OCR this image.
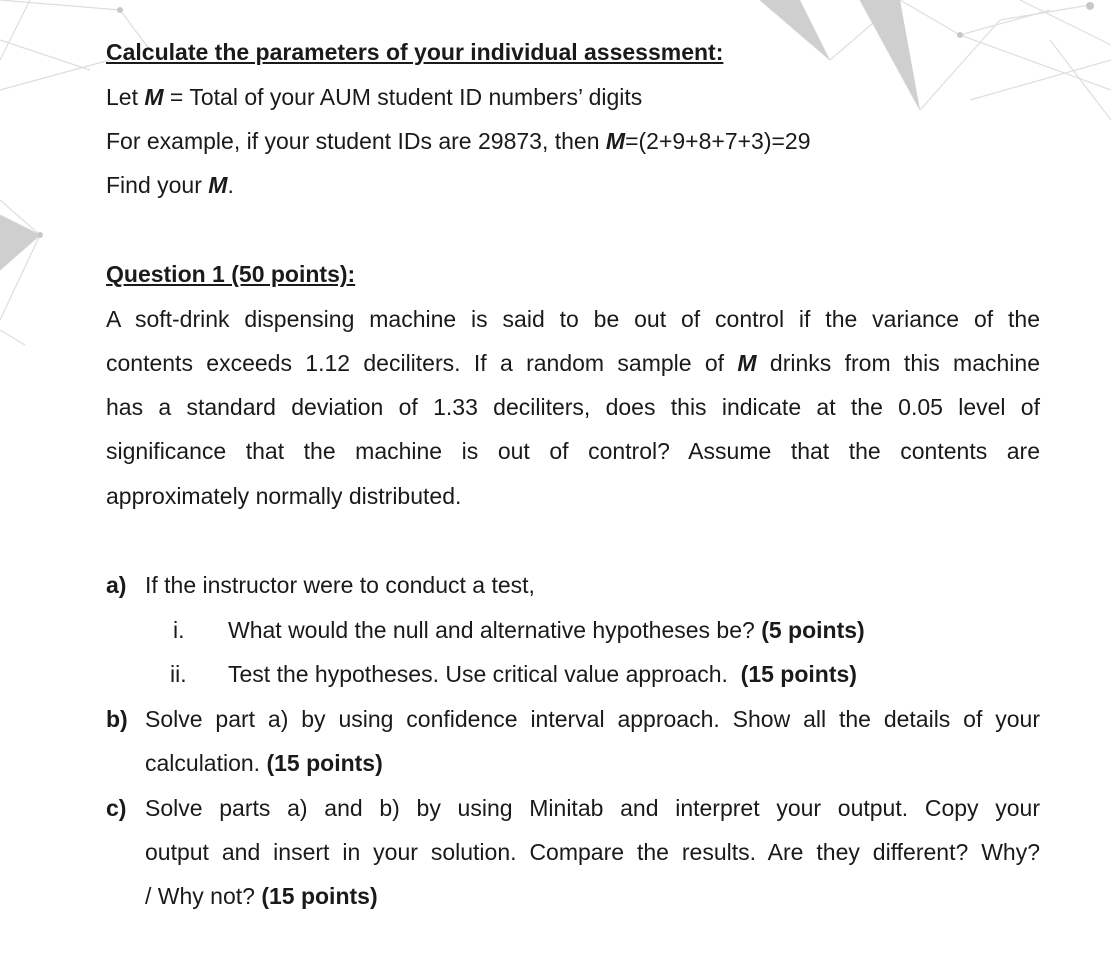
Calculate the parameters of your individual assessment:
Let M = Total of your AUM student ID numbers’ digits
For example, if your student IDs are 29873, then M=(2+9+8+7+3)=29
Find your M.
Question 1 (50 points):
A soft-drink dispensing machine is said to be out of control if the variance of the
contents exceeds 1.12 deciliters. If a random sample of M drinks from this machine
has a standard deviation of 1.33 deciliters, does this indicate at the 0.05 level of
significance that the machine is out of control? Assume that the contents are
approximately normally distributed.
a) If the instructor were to conduct a test,
i. What would the null and alternative hypotheses be? (5 points)
ii. Test the hypotheses. Use critical value approach.  (15 points)
b) Solve part a) by using confidence interval approach. Show all the details of your
calculation. (15 points)
c) Solve parts a) and b) by using Minitab and interpret your output. Copy your
output and insert in your solution. Compare the results. Are they different? Why?
/ Why not? (15 points)
